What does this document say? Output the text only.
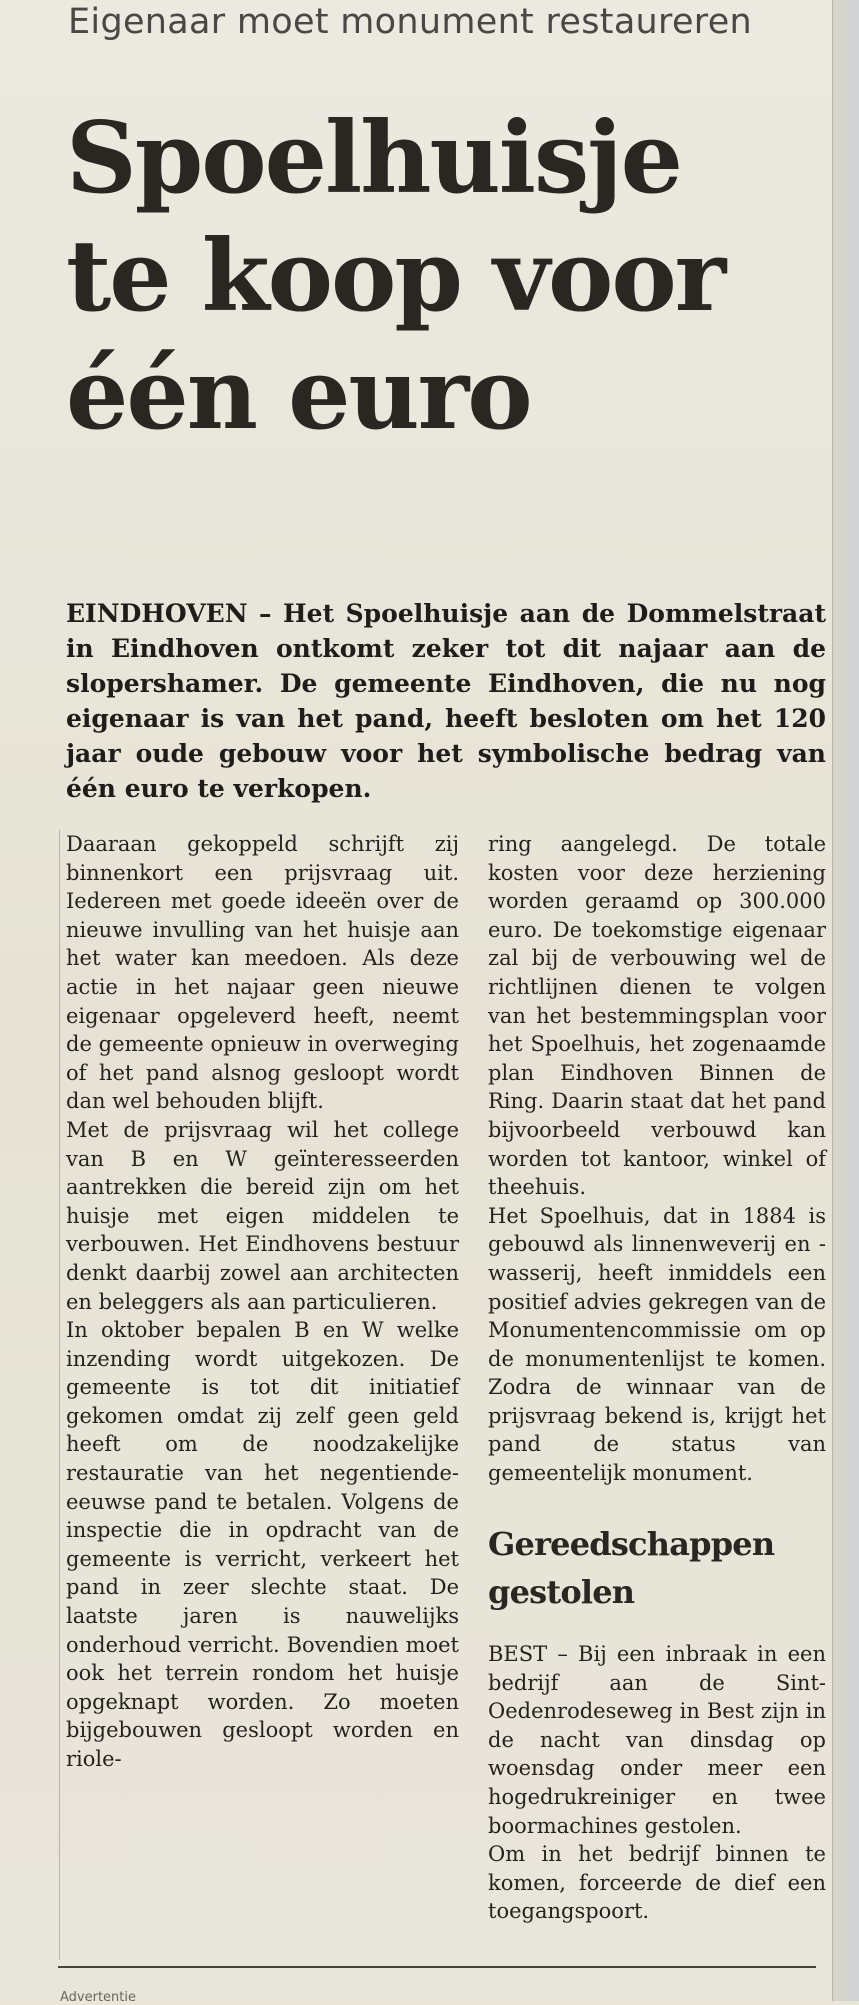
Eigenaar moet monument restaureren
Spoelhuisje
te koop voor
één euro
EINDHOVEN – Het Spoelhuisje aan de Dommelstraat in Eindhoven ontkomt zeker tot dit najaar aan de slopershamer. De gemeente Eindhoven, die nu nog eigenaar is van het pand, heeft besloten om het 120 jaar oude gebouw voor het symbolische bedrag van één euro te verkopen.

Daaraan gekoppeld schrijft zij binnenkort een prijsvraag uit. Iedereen met goede ideeën over de nieuwe invulling van het huisje aan het water kan meedoen. Als deze actie in het najaar geen nieuwe eigenaar opgeleverd heeft, neemt de gemeente opnieuw in overweging of het pand alsnog gesloopt wordt dan wel behouden blijft.

Met de prijsvraag wil het college van B en W geïnteresseerden aantrekken die bereid zijn om het huisje met eigen middelen te verbouwen. Het Eindhovens bestuur denkt daarbij zowel aan architecten en beleggers als aan particulieren.

In oktober bepalen B en W welke inzending wordt uitgekozen. De gemeente is tot dit initiatief gekomen omdat zij zelf geen geld heeft om de noodzakelijke restauratie van het negentiende-eeuwse pand te betalen. Volgens de inspectie die in opdracht van de gemeente is verricht, verkeert het pand in zeer slechte staat. De laatste jaren is nauwelijks onderhoud verricht. Bovendien moet ook het terrein rondom het huisje opgeknapt worden. Zo moeten bijgebouwen gesloopt worden en riole-

ring aangelegd. De totale kosten voor deze herziening worden geraamd op 300.000 euro. De toekomstige eigenaar zal bij de verbouwing wel de richtlijnen dienen te volgen van het bestemmingsplan voor het Spoelhuis, het zogenaamde plan Eindhoven Binnen de Ring. Daarin staat dat het pand bijvoorbeeld verbouwd kan worden tot kantoor, winkel of theehuis.

Het Spoelhuis, dat in 1884 is gebouwd als linnenweverij en -wasserij, heeft inmiddels een positief advies gekregen van de Monumentencommissie om op de monumentenlijst te komen. Zodra de winnaar van de prijsvraag bekend is, krijgt het pand de status van gemeentelijk monument.

Gereedschappen gestolen

BEST – Bij een inbraak in een bedrijf aan de Sint-Oedenrodeseweg in Best zijn in de nacht van dinsdag op woensdag onder meer een hogedrukreiniger en twee boormachines gestolen.

Om in het bedrijf binnen te komen, forceerde de dief een toegangspoort.

Advertentie
